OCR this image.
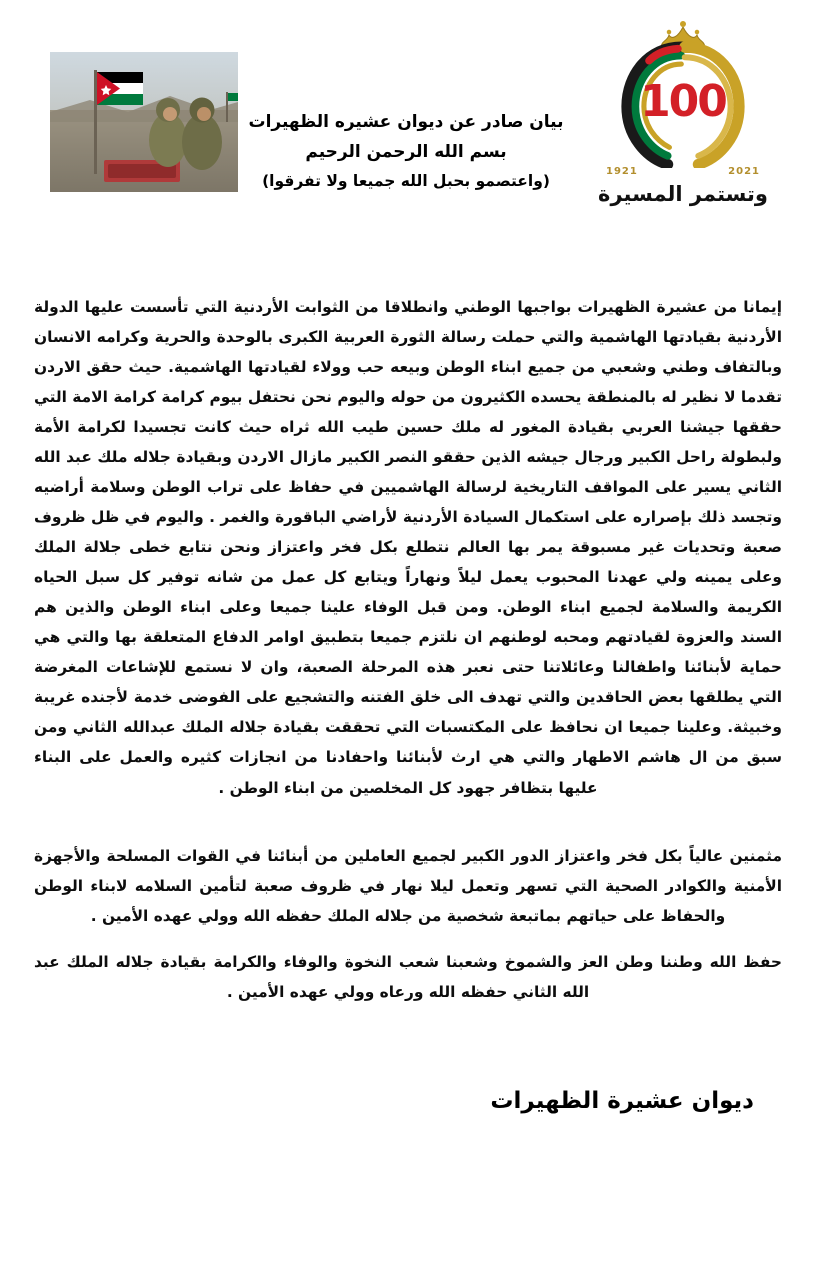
100
1921	2021
وتستمر المسيرة
بيان صادر عن ديوان عشيره الظهيرات
بسم الله الرحمن الرحيم
(واعتصمو بحبل الله جميعا ولا تفرقوا)

إيمانا من عشيرة الظهيرات بواجبها الوطني وانطلاقا من الثوابت الأردنية التي تأسست عليها الدولة الأردنية بقيادتها الهاشمية والتي حملت رسالة الثورة العربية الكبرى بالوحدة والحرية وكرامه الانسان وبالتفاف وطني وشعبي من جميع ابناء الوطن وبيعه حب وولاء لقيادتها الهاشمية. حيث حقق الاردن تقدما لا نظير له بالمنطقة يحسده الكثيرون من حوله واليوم نحن نحتفل بيوم كرامة كرامة الامة التي حققها جيشنا العربي بقيادة المغور له ملك حسين طيب الله ثراه حيث كانت تجسيدا لكرامة الأمة ولبطولة راحل الكبير ورجال جيشه الذين حققو النصر الكبير مازال الاردن وبقيادة جلاله ملك عبد الله الثاني يسير على المواقف التاريخية لرسالة الهاشميين في حفاظ على تراب الوطن وسلامة أراضيه وتجسد ذلك بإصراره على استكمال السيادة الأردنية لأراضي الباقورة والغمر . واليوم في ظل ظروف صعبة وتحديات غير مسبوقة يمر بها العالم نتطلع بكل فخر واعتزاز ونحن نتابع خطى جلالة الملك وعلى يمينه ولي عهدنا المحبوب يعمل ليلاً ونهاراً ويتابع كل عمل من شانه توفير كل سبل الحياه الكريمة والسلامة لجميع ابناء الوطن. ومن قبل الوفاء علينا جميعا وعلى ابناء الوطن والذين هم السند والعزوة لقيادتهم ومحبه لوطنهم ان نلتزم جميعا بتطبيق اوامر الدفاع المتعلقة بها والتي هي حماية لأبنائنا واطفالنا وعائلاتنا حتى نعبر هذه المرحلة الصعبة، وان لا نستمع للإشاعات المغرضة التي يطلقها بعض الحاقدين والتي تهدف الى خلق الفتنه والتشجيع على الفوضى خدمة لأجنده غريبة وخبيثة. وعلينا جميعا ان نحافظ على المكتسبات التي تحققت بقيادة جلاله الملك عبدالله الثاني ومن سبق من ال هاشم الاطهار والتي هي ارث لأبنائنا واحفادنا من انجازات كثيره والعمل على البناء عليها بتظافر جهود كل المخلصين من ابناء الوطن .

مثمنين عالياً بكل فخر واعتزاز الدور الكبير لجميع العاملين من أبنائنا في القوات المسلحة والأجهزة الأمنية والكوادر الصحية التي تسهر وتعمل ليلا نهار في ظروف صعبة لتأمين السلامه لابناء الوطن والحفاظ على حياتهم بماتبعة شخصية من جلاله الملك حفظه الله وولي عهده الأمين .

حفظ الله وطننا وطن العز والشموخ وشعبنا شعب النخوة والوفاء والكرامة بقيادة جلاله الملك عبد الله الثاني حفظه الله ورعاه وولي عهده الأمين .

ديوان عشيرة الظهيرات
